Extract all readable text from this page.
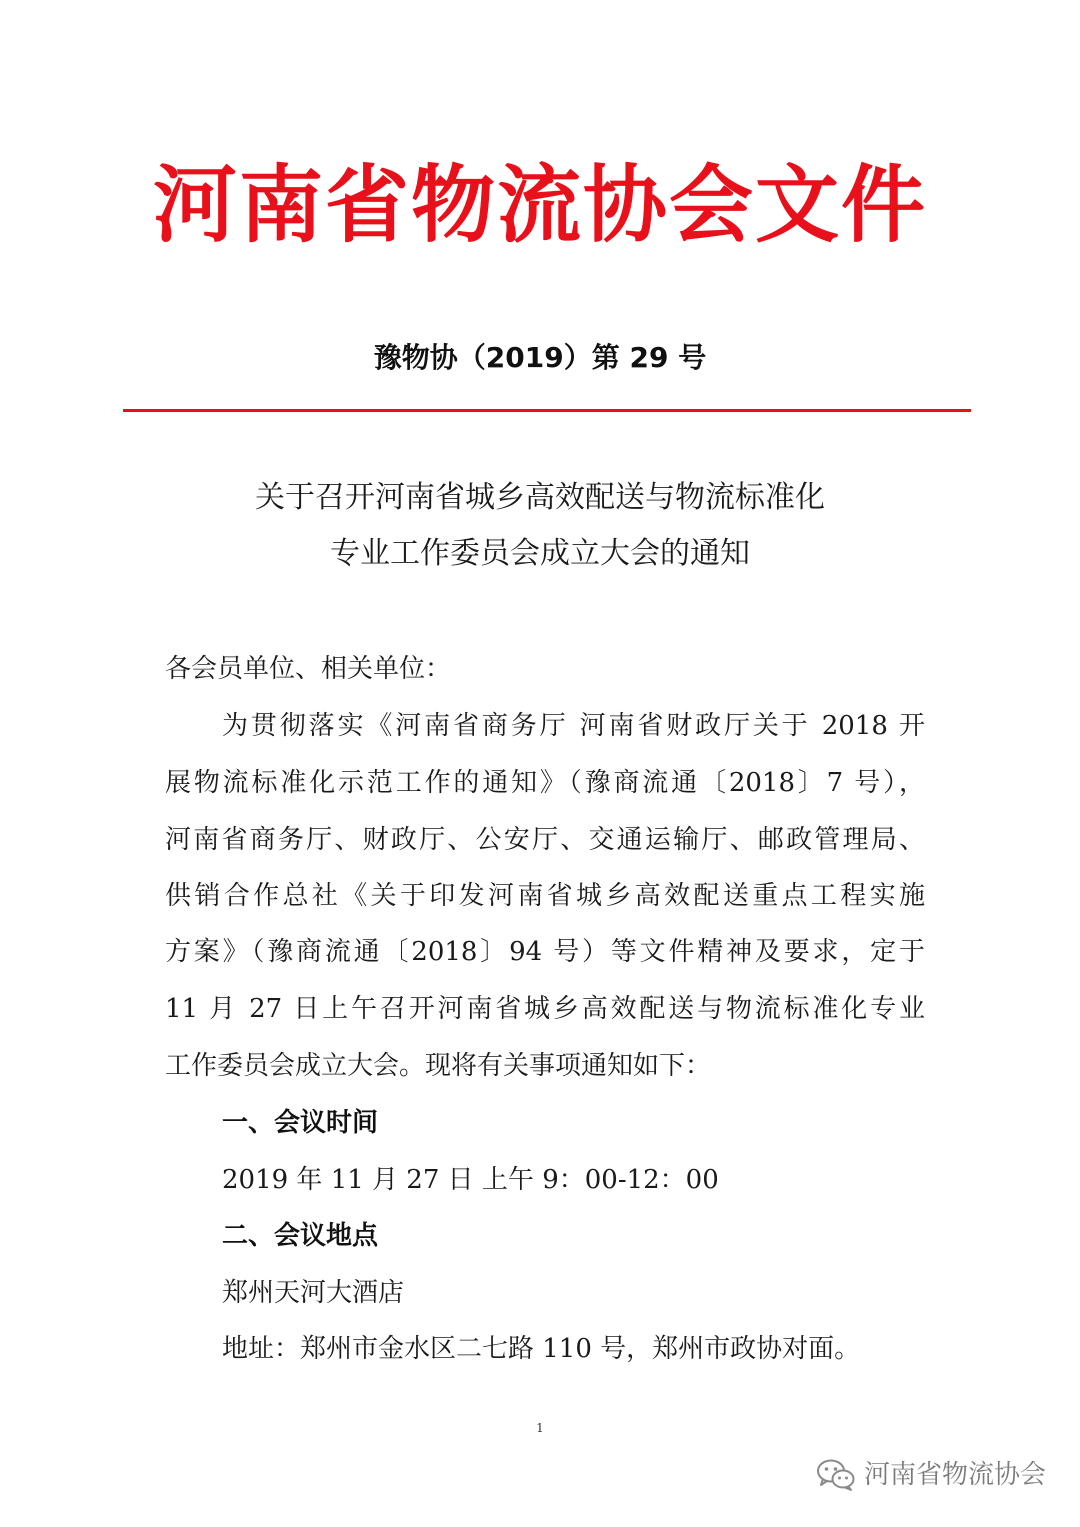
河南省物流协会文件
豫物协（2019）第 29 号
关于召开河南省城乡高效配送与物流标准化
专业工作委员会成立大会的通知
各会员单位、相关单位：
为贯彻落实《河南省商务厅 河南省财政厅关于 2018 开
展物流标准化示范工作的通知》（豫商流通〔2018〕7 号），
河南省商务厅、财政厅、公安厅、交通运输厅、邮政管理局、
供销合作总社《关于印发河南省城乡高效配送重点工程实施
方案》（豫商流通〔2018〕94 号）等文件精神及要求，定于
11 月 27 日上午召开河南省城乡高效配送与物流标准化专业
工作委员会成立大会。现将有关事项通知如下：
一、会议时间
2019 年 11 月 27 日 上午 9：00-12：00
二、会议地点
郑州天河大酒店
地址：郑州市金水区二七路 110 号，郑州市政协对面。
1
河南省物流协会
